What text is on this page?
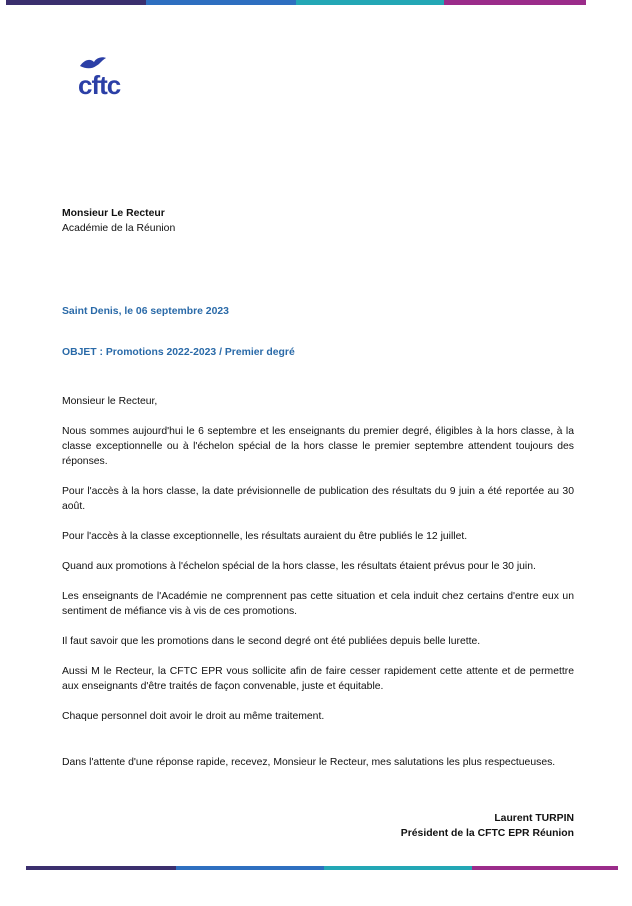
cftc
Monsieur Le Recteur
Académie de la Réunion
Saint Denis, le 06 septembre 2023
OBJET : Promotions 2022-2023 / Premier degré

Monsieur le Recteur,

Nous sommes aujourd'hui le 6 septembre et les enseignants du premier degré, éligibles à la hors classe, à la classe exceptionnelle ou à l'échelon spécial de la hors classe le premier septembre attendent toujours des réponses.

Pour l'accès à la hors classe, la date prévisionnelle de publication des résultats du 9 juin a été reportée au 30 août.

Pour l'accès à la classe exceptionnelle, les résultats auraient du être publiés le 12 juillet.

Quand aux promotions à l'échelon spécial de la hors classe, les résultats étaient prévus pour le 30 juin.

Les enseignants de l'Académie ne comprennent pas cette situation et cela induit chez certains d'entre eux un sentiment de méfiance vis à vis de ces promotions.

Il faut savoir que les promotions dans le second degré ont été publiées depuis belle lurette.

Aussi M le Recteur, la CFTC EPR vous sollicite afin de faire cesser rapidement cette attente et de permettre aux enseignants d'être traités de façon convenable, juste et équitable.

Chaque personnel doit avoir le droit au même traitement.

Dans l'attente d'une réponse rapide, recevez, Monsieur le Recteur, mes salutations les plus respectueuses.

Laurent TURPIN
Président de la CFTC EPR Réunion
